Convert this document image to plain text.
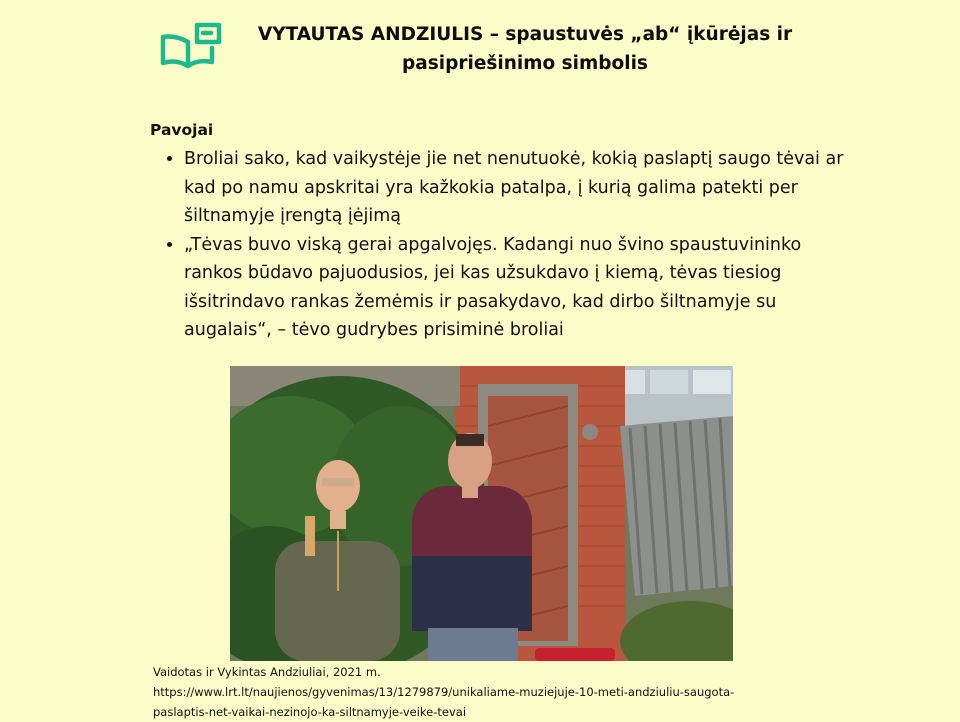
VYTAUTAS ANDZIULIS – spaustuvės „ab“ įkūrėjas ir
pasipriešinimo simbolis
Pavojai
• Broliai sako, kad vaikystėje jie net nenutuokė, kokią paslaptį saugo tėvai ar kad po namu apskritai yra kažkokia patalpa, į kurią galima patekti per šiltnamyje įrengtą įėjimą
• „Tėvas buvo viską gerai apgalvojęs. Kadangi nuo švino spaustuvininko rankos būdavo pajuodusios, jei kas užsukdavo į kiemą, tėvas tiesiog išsitrindavo rankas žemėmis ir pasakydavo, kad dirbo šiltnamyje su augalais“, – tėvo gudrybes prisiminė broliai
Vaidotas ir Vykintas Andziuliai, 2021 m.
https://www.lrt.lt/naujienos/gyvenimas/13/1279879/unikaliame-muziejuje-10-meti-andziuliu-saugota-
paslaptis-net-vaikai-nezinojo-ka-siltnamyje-veike-tevai
